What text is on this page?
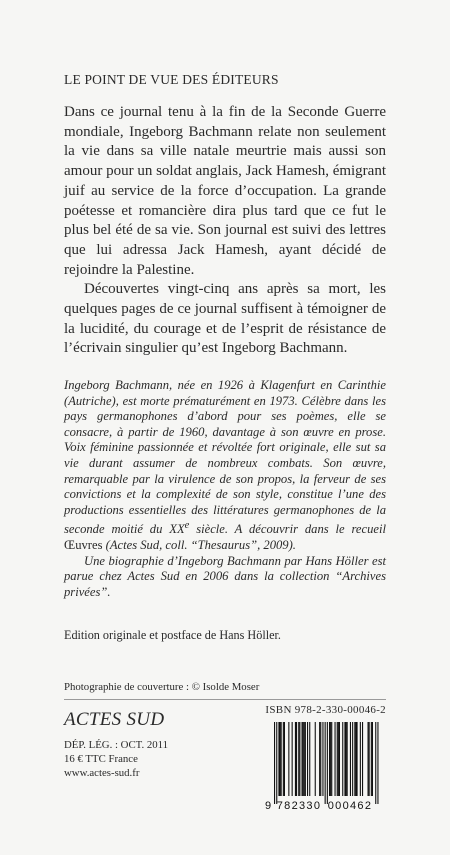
LE POINT DE VUE DES ÉDITEURS

Dans ce journal tenu à la fin de la Seconde Guerre mondiale, Ingeborg Bachmann relate non seulement la vie dans sa ville natale meurtrie mais aussi son amour pour un soldat anglais, Jack Hamesh, émigrant juif au service de la force d’occupation. La grande poétesse et romancière dira plus tard que ce fut le plus bel été de sa vie. Son journal est suivi des lettres que lui adressa Jack Hamesh, ayant décidé de rejoindre la Palestine.

Découvertes vingt-cinq ans après sa mort, les quelques pages de ce journal suffisent à témoigner de la lucidité, du courage et de l’esprit de résistance de l’écrivain singulier qu’est Ingeborg Bachmann.

Ingeborg Bachmann, née en 1926 à Klagenfurt en Carinthie (Autriche), est morte prématurément en 1973. Célèbre dans les pays germanophones d’abord pour ses poèmes, elle se consacre, à partir de 1960, davantage à son œuvre en prose. Voix féminine passionnée et révoltée fort originale, elle sut sa vie durant assumer de nombreux combats. Son œuvre, remarquable par la virulence de son propos, la ferveur de ses convictions et la complexité de son style, constitue l’une des productions essentielles des littératures germanophones de la seconde moitié du XXe siècle. A découvrir dans le recueil Œuvres (Actes Sud, coll. “Thesaurus”, 2009).

Une biographie d’Ingeborg Bachmann par Hans Höller est parue chez Actes Sud en 2006 dans la collection “Archives privées”.

Edition originale et postface de Hans Höller.
Photographie de couverture : © Isolde Moser
ACTES SUD
DÉP. LÉG. : OCT. 2011
16 € TTC France
www.actes-sud.fr
ISBN 978-2-330-00046-2
9 782330 000462
